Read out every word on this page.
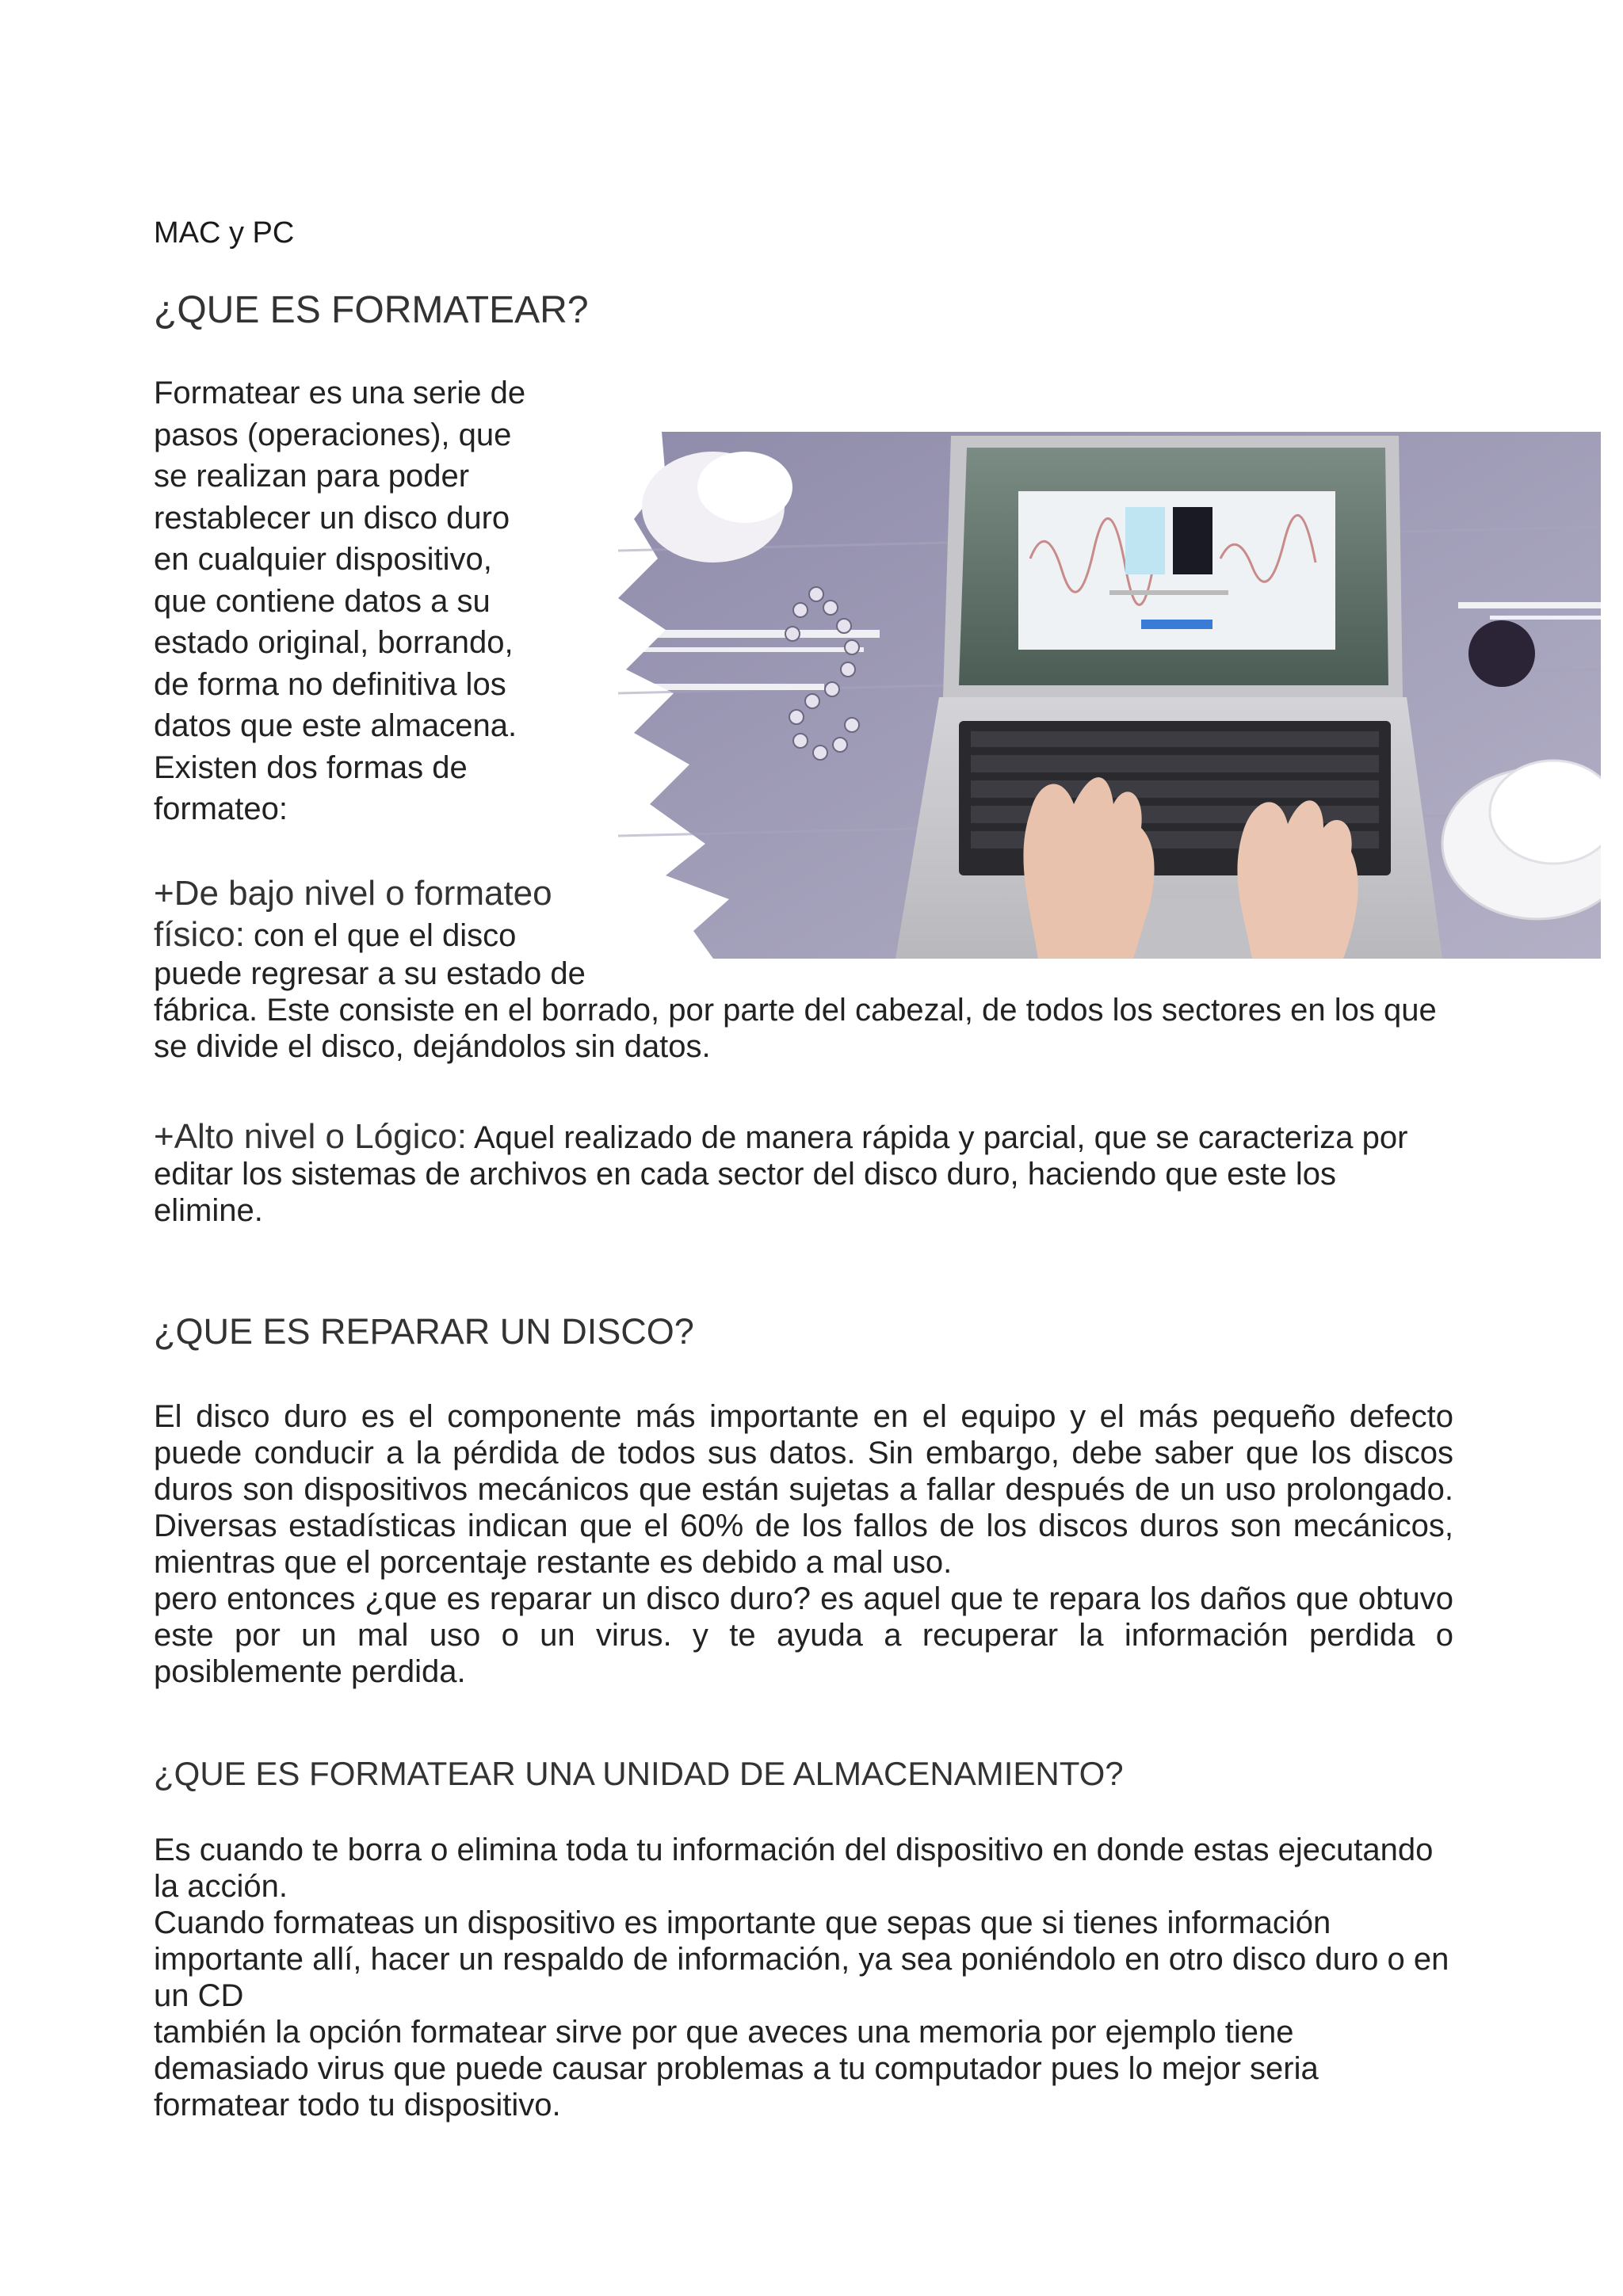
MAC y PC
¿QUE ES FORMATEAR?
Formatear es una serie de
pasos (operaciones), que
se realizan para poder
restablecer un disco duro
en cualquier dispositivo,
que contiene datos a su
estado original, borrando,
de forma no definitiva los
datos que este almacena.
Existen dos formas de
formateo:
+De bajo nivel o formateo
físico: con el que el disco
puede regresar a su estado de
fábrica. Este consiste en el borrado, por parte del cabezal, de todos los sectores en los que se divide el disco, dejándolos sin datos.

+Alto nivel o Lógico: Aquel realizado de manera rápida y parcial, que se caracteriza por editar los sistemas de archivos en cada sector del disco duro, haciendo que este los elimine.

¿QUE ES REPARAR UN DISCO?
El disco duro es el componente más importante en el equipo y el más pequeño defecto puede conducir a la pérdida de todos sus datos. Sin embargo, debe saber que los discos duros son dispositivos mecánicos que están sujetas a fallar después de un uso prolongado. Diversas estadísticas indican que el 60% de los fallos de los discos duros son mecánicos, mientras que el porcentaje restante es debido a mal uso.
pero entonces ¿que es reparar un disco duro? es aquel que te repara los daños que obtuvo este por un mal uso o un virus. y te ayuda a recuperar la información perdida o posiblemente perdida.
¿QUE ES FORMATEAR UNA UNIDAD DE ALMACENAMIENTO?
Es cuando te borra o elimina toda tu información del dispositivo en donde estas ejecutando la acción.
Cuando formateas un dispositivo es importante que sepas que si tienes información importante allí, hacer un respaldo de información, ya sea poniéndolo en otro disco duro o en un CD
también la opción formatear sirve por que aveces una memoria por ejemplo tiene demasiado virus que puede causar problemas a tu computador pues lo mejor seria formatear todo tu dispositivo.
